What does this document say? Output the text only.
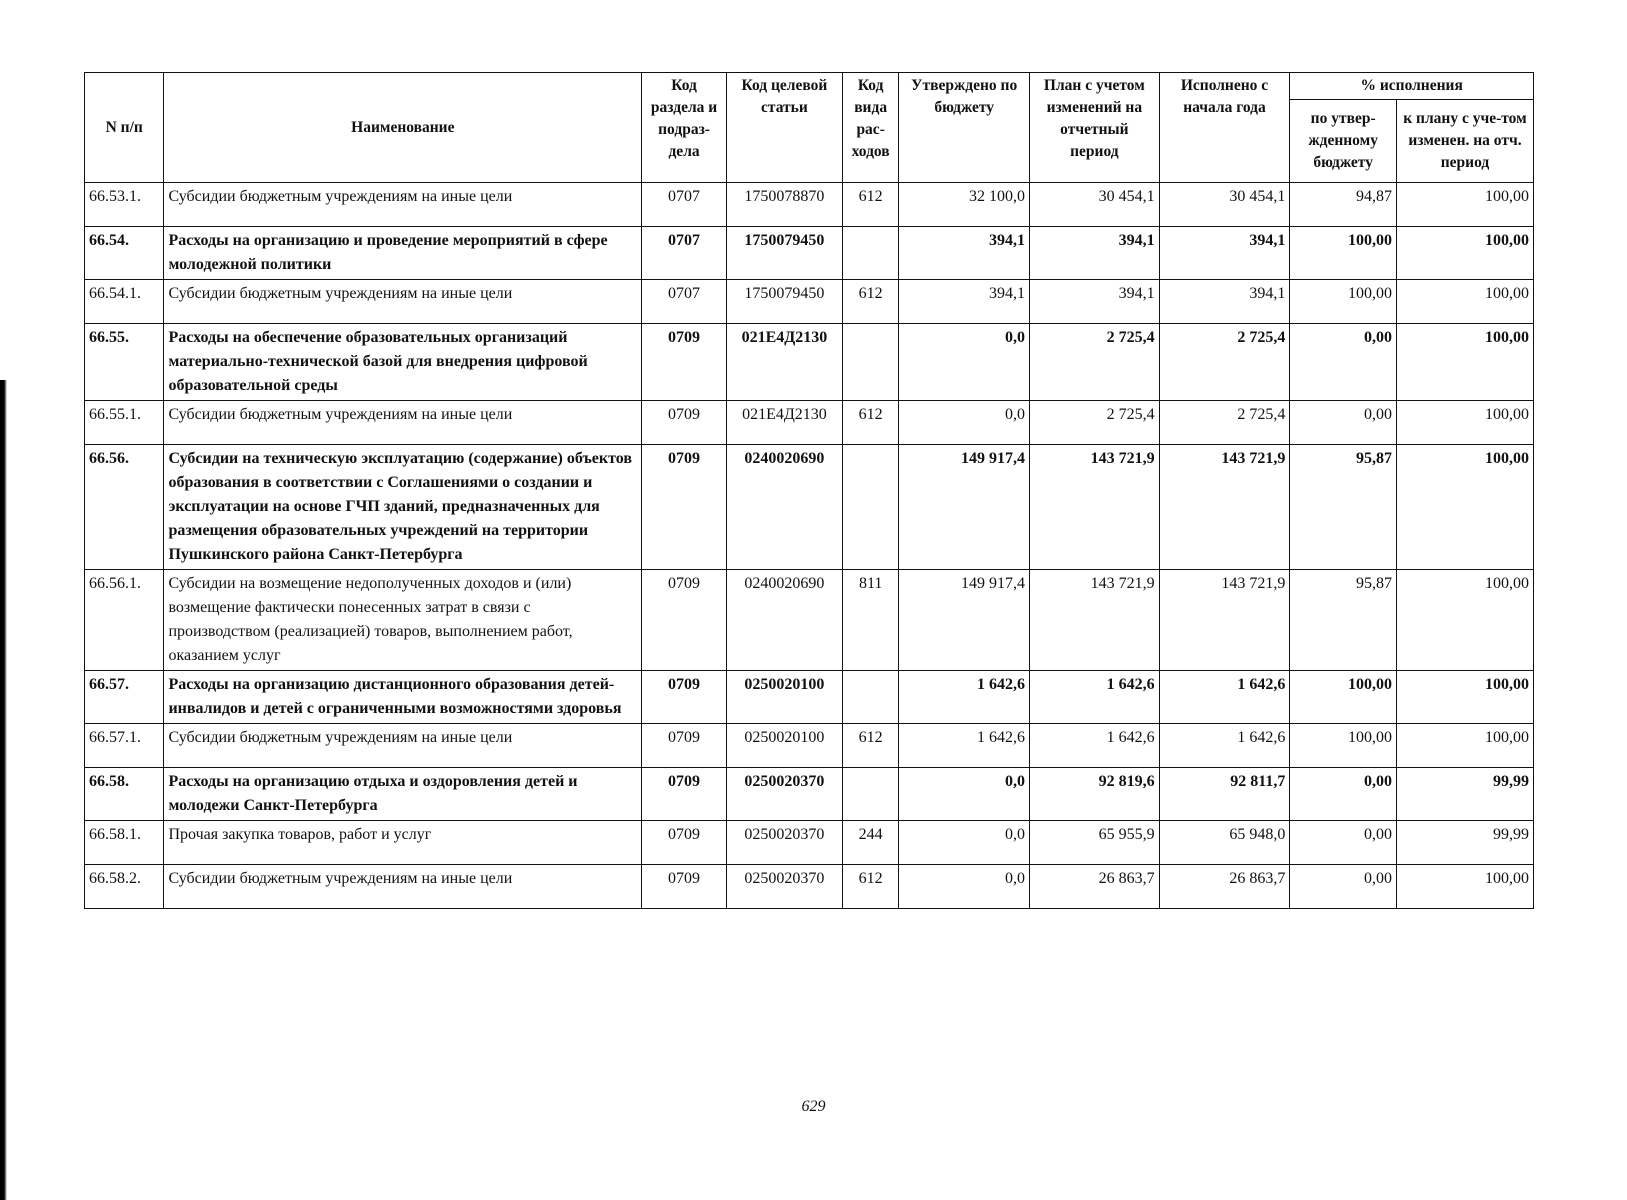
N п/п	Наименование	Код раздела и подраз-дела	Код целевой статьи	Код вида рас-ходов	Утверждено по бюджету	План с учетом изменений на отчетный период	Исполнено с начала года	% исполнения	
								по утвер-жденному бюджету	к плану с уче-том изменен. на отч. период
66.53.1.	Субсидии бюджетным учреждениям на иные цели	0707	1750078870	612	32 100,0	30 454,1	30 454,1	94,87	100,00
66.54.	Расходы на организацию и проведение мероприятий в сфере молодежной политики	0707	1750079450		394,1	394,1	394,1	100,00	100,00
66.54.1.	Субсидии бюджетным учреждениям на иные цели	0707	1750079450	612	394,1	394,1	394,1	100,00	100,00
66.55.	Расходы на обеспечение образовательных организаций материально-технической базой для внедрения цифровой образовательной среды	0709	021Е4Д2130		0,0	2 725,4	2 725,4	0,00	100,00
66.55.1.	Субсидии бюджетным учреждениям на иные цели	0709	021Е4Д2130	612	0,0	2 725,4	2 725,4	0,00	100,00
66.56.	Субсидии на техническую эксплуатацию (содержание) объектов образования в соответствии с Соглашениями о создании и эксплуатации на основе ГЧП зданий, предназначенных для размещения образовательных учреждений на территории Пушкинского района Санкт-Петербурга	0709	0240020690		149 917,4	143 721,9	143 721,9	95,87	100,00
66.56.1.	Субсидии на возмещение недополученных доходов и (или) возмещение фактически понесенных затрат в связи с производством (реализацией) товаров, выполнением работ, оказанием услуг	0709	0240020690	811	149 917,4	143 721,9	143 721,9	95,87	100,00
66.57.	Расходы на организацию дистанционного образования детей-инвалидов и детей с ограниченными возможностями здоровья	0709	0250020100		1 642,6	1 642,6	1 642,6	100,00	100,00
66.57.1.	Субсидии бюджетным учреждениям на иные цели	0709	0250020100	612	1 642,6	1 642,6	1 642,6	100,00	100,00
66.58.	Расходы на организацию отдыха и оздоровления детей и молодежи Санкт-Петербурга	0709	0250020370		0,0	92 819,6	92 811,7	0,00	99,99
66.58.1.	Прочая закупка товаров, работ и услуг	0709	0250020370	244	0,0	65 955,9	65 948,0	0,00	99,99
66.58.2.	Субсидии бюджетным учреждениям на иные цели	0709	0250020370	612	0,0	26 863,7	26 863,7	0,00	100,00
629
